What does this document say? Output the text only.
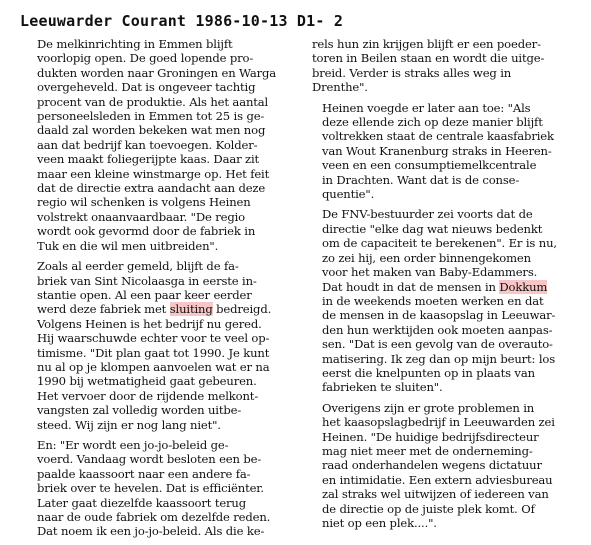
Leeuwarder Courant 1986-10-13 D1- 2

De melkinrichting in Emmen blijft
voorlopig open. De goed lopende pro-
dukten worden naar Groningen en Warga
overgeheveld. Dat is ongeveer tachtig
procent van de produktie. Als het aantal
personeelsleden in Emmen tot 25 is ge-
daald zal worden bekeken wat men nog
aan dat bedrijf kan toevoegen. Kolder-
veen maakt foliegerijpte kaas. Daar zit
maar een kleine winstmarge op. Het feit
dat de directie extra aandacht aan deze
regio wil schenken is volgens Heinen
volstrekt onaanvaardbaar. "De regio
wordt ook gevormd door de fabriek in
Tuk en die wil men uitbreiden".

Zoals al eerder gemeld, blijft de fa-
briek van Sint Nicolaasga in eerste in-
stantie open. Al een paar keer eerder
werd deze fabriek met sluiting bedreigd.
Volgens Heinen is het bedrijf nu gered.
Hij waarschuwde echter voor te veel op-
timisme. "Dit plan gaat tot 1990. Je kunt
nu al op je klompen aanvoelen wat er na
1990 bij wetmatigheid gaat gebeuren.
Het vervoer door de rijdende melkont-
vangsten zal volledig worden uitbe-
steed. Wij zijn er nog lang niet".

En: "Er wordt een jo-jo-beleid ge-
voerd. Vandaag wordt besloten een be-
paalde kaassoort naar een andere fa-
briek over te hevelen. Dat is efficiënter.
Later gaat diezelfde kaassoort terug
naar de oude fabriek om dezelfde reden.
Dat noem ik een jo-jo-beleid. Als die ke-

rels hun zin krijgen blijft er een poeder-
toren in Beilen staan en wordt die uitge-
breid. Verder is straks alles weg in
Drenthe".

Heinen voegde er later aan toe: "Als
deze ellende zich op deze manier blijft
voltrekken staat de centrale kaasfabriek
van Wout Kranenburg straks in Heeren-
veen en een consumptiemelkcentrale
in Drachten. Want dat is de conse-
quentie".

De FNV-bestuurder zei voorts dat de
directie "elke dag wat nieuws bedenkt
om de capaciteit te berekenen". Er is nu,
zo zei hij, een order binnengekomen
voor het maken van Baby-Edammers.
Dat houdt in dat de mensen in Dokkum
in de weekends moeten werken en dat
de mensen in de kaasopslag in Leeuwar-
den hun werktijden ook moeten aanpas-
sen. "Dat is een gevolg van de overauto-
matisering. Ik zeg dan op mijn beurt: los
eerst die knelpunten op in plaats van
fabrieken te sluiten".

Overigens zijn er grote problemen in
het kaasopslagbedrijf in Leeuwarden zei
Heinen. "De huidige bedrijfsdirecteur
mag niet meer met de onderneming-
raad onderhandelen wegens dictatuur
en intimidatie. Een extern adviesbureau
zal straks wel uitwijzen of iedereen van
de directie op de juiste plek komt. Of
niet op een plek....".
